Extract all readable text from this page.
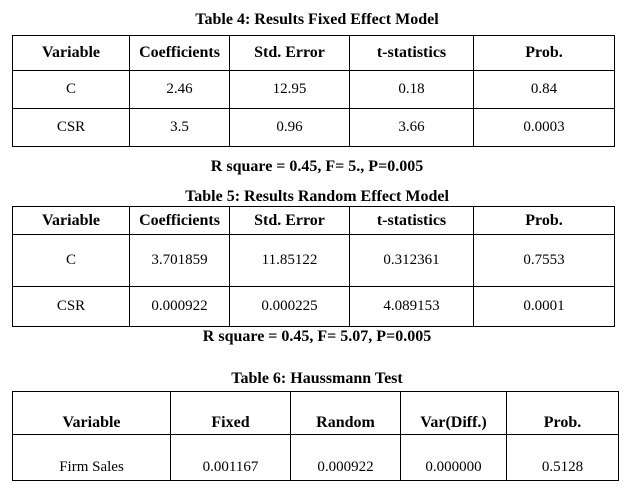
Table 4: Results Fixed Effect Model
Variable	Coefficients	Std. Error	t-statistics	Prob.
C	2.46	12.95	0.18	0.84
CSR	3.5	0.96	3.66	0.0003
R square = 0.45, F= 5., P=0.005
Table 5: Results Random Effect Model
Variable	Coefficients	Std. Error	t-statistics	Prob.
C	3.701859	11.85122	0.312361	0.7553
CSR	0.000922	0.000225	4.089153	0.0001
R square = 0.45, F= 5.07, P=0.005
Table 6: Haussmann Test
Variable	Fixed	Random	Var(Diff.)	Prob.
Firm Sales	0.001167	0.000922	0.000000	0.5128
